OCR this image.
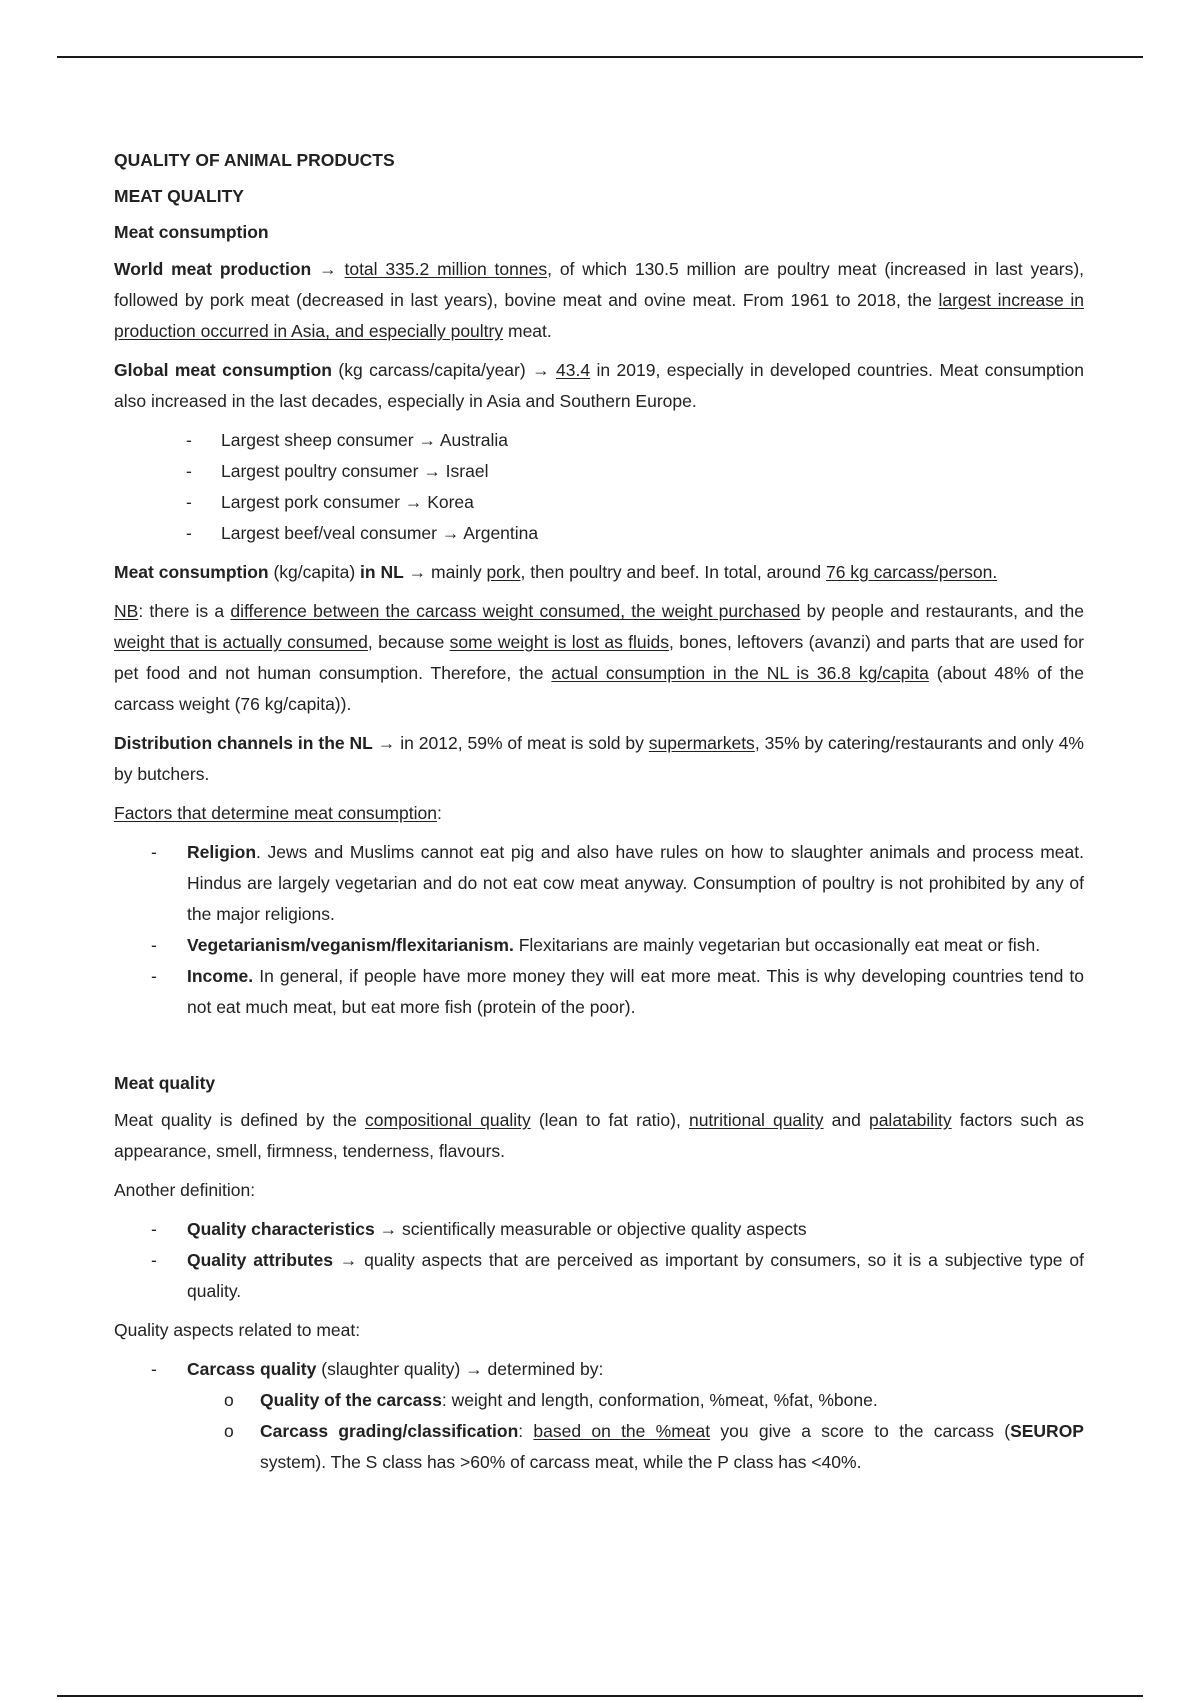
QUALITY OF ANIMAL PRODUCTS
MEAT QUALITY
Meat consumption

World meat production → total 335.2 million tonnes, of which 130.5 million are poultry meat (increased in last years), followed by pork meat (decreased in last years), bovine meat and ovine meat. From 1961 to 2018, the largest increase in production occurred in Asia, and especially poultry meat.

Global meat consumption (kg carcass/capita/year) → 43.4 in 2019, especially in developed countries. Meat consumption also increased in the last decades, especially in Asia and Southern Europe.

- Largest sheep consumer → Australia
- Largest poultry consumer → Israel
- Largest pork consumer → Korea
- Largest beef/veal consumer → Argentina

Meat consumption (kg/capita) in NL → mainly pork, then poultry and beef. In total, around 76 kg carcass/person.

NB: there is a difference between the carcass weight consumed, the weight purchased by people and restaurants, and the weight that is actually consumed, because some weight is lost as fluids, bones, leftovers (avanzi) and parts that are used for pet food and not human consumption. Therefore, the actual consumption in the NL is 36.8 kg/capita (about 48% of the carcass weight (76 kg/capita)).

Distribution channels in the NL → in 2012, 59% of meat is sold by supermarkets, 35% by catering/restaurants and only 4% by butchers.

Factors that determine meat consumption:

- Religion. Jews and Muslims cannot eat pig and also have rules on how to slaughter animals and process meat. Hindus are largely vegetarian and do not eat cow meat anyway. Consumption of poultry is not prohibited by any of the major religions.
- Vegetarianism/veganism/flexitarianism. Flexitarians are mainly vegetarian but occasionally eat meat or fish.
- Income. In general, if people have more money they will eat more meat. This is why developing countries tend to not eat much meat, but eat more fish (protein of the poor).
Meat quality

Meat quality is defined by the compositional quality (lean to fat ratio), nutritional quality and palatability factors such as appearance, smell, firmness, tenderness, flavours.

Another definition:

- Quality characteristics → scientifically measurable or objective quality aspects
- Quality attributes → quality aspects that are perceived as important by consumers, so it is a subjective type of quality.

Quality aspects related to meat:

- Carcass quality (slaughter quality) → determined by:
o Quality of the carcass: weight and length, conformation, %meat, %fat, %bone.
o Carcass grading/classification: based on the %meat you give a score to the carcass (SEUROP system). The S class has >60% of carcass meat, while the P class has <40%.
